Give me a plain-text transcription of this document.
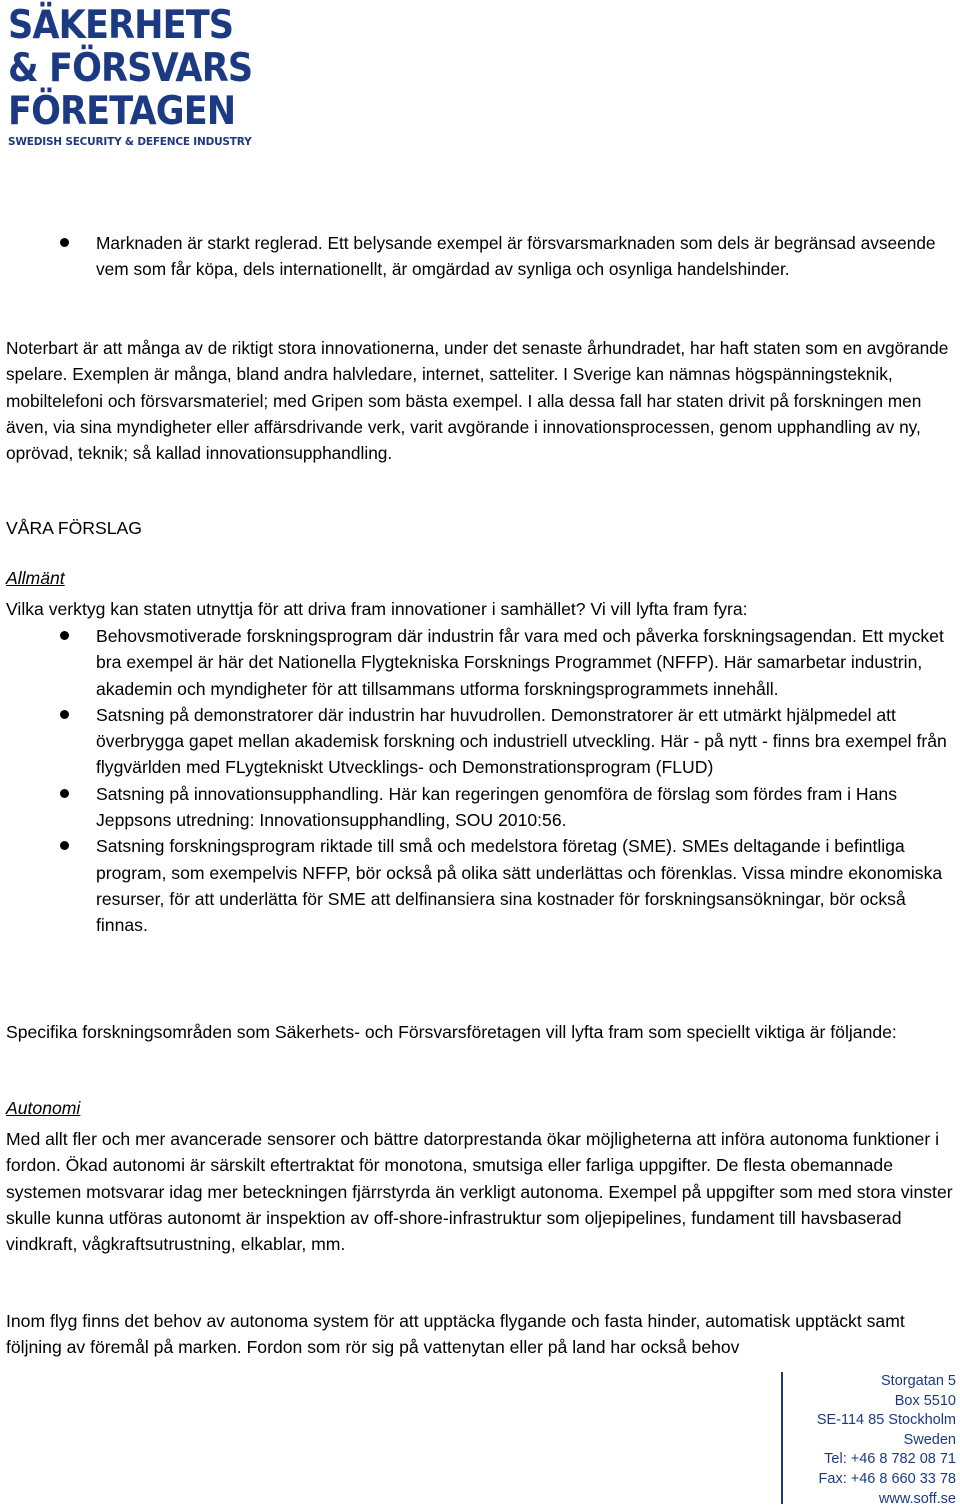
SÄKERHETS
& FÖRSVARS
FÖRETAGEN
SWEDISH SECURITY & DEFENCE INDUSTRY
Marknaden är starkt reglerad. Ett belysande exempel är försvarsmarknaden som dels är begränsad avseende vem som får köpa, dels internationellt, är omgärdad av synliga och osynliga handelshinder.

Noterbart är att många av de riktigt stora innovationerna, under det senaste århundradet, har haft staten som en avgörande spelare. Exemplen är många, bland andra halvledare, internet, satteliter. I Sverige kan nämnas högspänningsteknik, mobiltelefoni och försvarsmateriel; med Gripen som bästa exempel. I alla dessa fall har staten drivit på forskningen men även, via sina myndigheter eller affärsdrivande verk, varit avgörande i innovationsprocessen, genom upphandling av ny, oprövad, teknik; så kallad innovationsupphandling.

VÅRA FÖRSLAG

Allmänt

Vilka verktyg kan staten utnyttja för att driva fram innovationer i samhället? Vi vill lyfta fram fyra:

Behovsmotiverade forskningsprogram där industrin får vara med och påverka forskningsagendan. Ett mycket bra exempel är här det Nationella Flygtekniska Forsknings Programmet (NFFP). Här samarbetar industrin, akademin och myndigheter för att tillsammans utforma forskningsprogrammets innehåll.
Satsning på demonstratorer där industrin har huvudrollen. Demonstratorer är ett utmärkt hjälpmedel att överbrygga gapet mellan akademisk forskning och industriell utveckling. Här - på nytt - finns bra exempel från flygvärlden med FLygtekniskt Utvecklings- och Demonstrationsprogram (FLUD)
Satsning på innovationsupphandling. Här kan regeringen genomföra de förslag som fördes fram i Hans Jeppsons utredning: Innovationsupphandling, SOU 2010:56.
Satsning forskningsprogram riktade till små och medelstora företag (SME). SMEs deltagande i befintliga program, som exempelvis NFFP, bör också på olika sätt underlättas och förenklas. Vissa mindre ekonomiska resurser, för att underlätta för SME att delfinansiera sina kostnader för forskningsansökningar, bör också finnas.

Specifika forskningsområden som Säkerhets- och Försvarsföretagen vill lyfta fram som speciellt viktiga är följande:

Autonomi

Med allt fler och mer avancerade sensorer och bättre datorprestanda ökar möjligheterna att införa autonoma funktioner i fordon. Ökad autonomi är särskilt eftertraktat för monotona, smutsiga eller farliga uppgifter. De flesta obemannade systemen motsvarar idag mer beteckningen fjärrstyrda än verkligt autonoma. Exempel på uppgifter som med stora vinster skulle kunna utföras autonomt är inspektion av off-shore-infrastruktur som oljepipelines, fundament till havsbaserad vindkraft, vågkraftsutrustning, elkablar, mm.

Inom flyg finns det behov av autonoma system för att upptäcka flygande och fasta hinder, automatisk upptäckt samt följning av föremål på marken. Fordon som rör sig på vattenytan eller på land har också behov

Storgatan 5
Box 5510
SE-114 85 Stockholm
Sweden
Tel: +46 8 782 08 71
Fax: +46 8 660 33 78
www.soff.se
